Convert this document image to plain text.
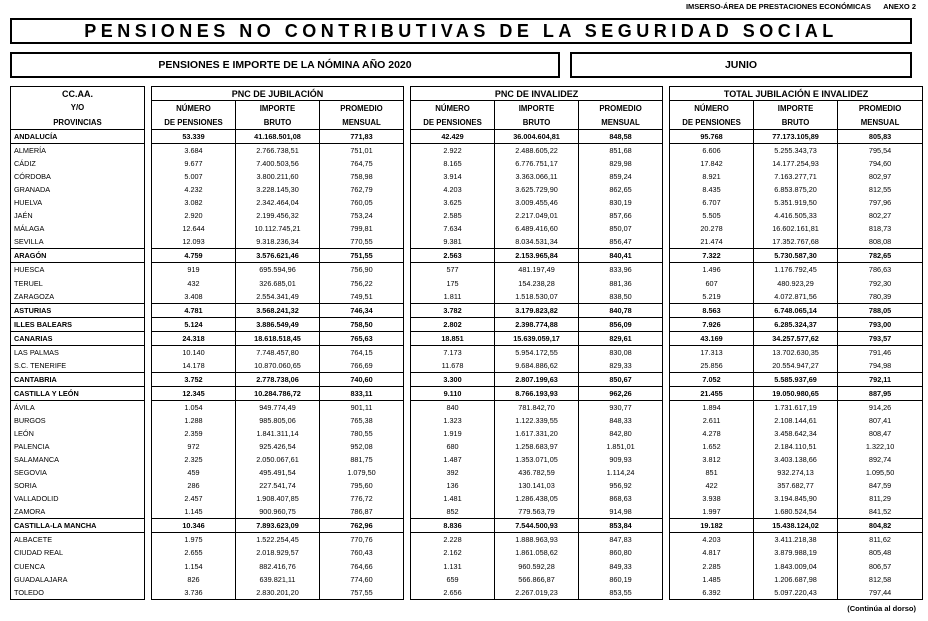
IMSERSO-ÁREA DE PRESTACIONES ECONÓMICAS ANEXO 2
PENSIONES NO CONTRIBUTIVAS DE LA SEGURIDAD SOCIAL
PENSIONES E IMPORTE DE LA NÓMINA AÑO 2020	JUNIO
CC.AA.		PNC DE JUBILACIÓN				PNC DE INVALIDEZ				TOTAL JUBILACIÓN E INVALIDEZ		
Y/O		NÚMERO	IMPORTE	PROMEDIO		NÚMERO	IMPORTE	PROMEDIO		NÚMERO	IMPORTE	PROMEDIO
PROVINCIAS		DE PENSIONES	BRUTO	MENSUAL		DE PENSIONES	BRUTO	MENSUAL		DE PENSIONES	BRUTO	MENSUAL
ANDALUCÍA		53.339	41.168.501,08	771,83		42.429	36.004.604,81	848,58		95.768	77.173.105,89	805,83
ALMERÍA		3.684	2.766.738,51	751,01		2.922	2.488.605,22	851,68		6.606	5.255.343,73	795,54
CÁDIZ		9.677	7.400.503,56	764,75		8.165	6.776.751,17	829,98		17.842	14.177.254,93	794,60
CÓRDOBA		5.007	3.800.211,60	758,98		3.914	3.363.066,11	859,24		8.921	7.163.277,71	802,97
GRANADA		4.232	3.228.145,30	762,79		4.203	3.625.729,90	862,65		8.435	6.853.875,20	812,55
HUELVA		3.082	2.342.464,04	760,05		3.625	3.009.455,46	830,19		6.707	5.351.919,50	797,96
JAÉN		2.920	2.199.456,32	753,24		2.585	2.217.049,01	857,66		5.505	4.416.505,33	802,27
MÁLAGA		12.644	10.112.745,21	799,81		7.634	6.489.416,60	850,07		20.278	16.602.161,81	818,73
SEVILLA		12.093	9.318.236,34	770,55		9.381	8.034.531,34	856,47		21.474	17.352.767,68	808,08
ARAGÓN		4.759	3.576.621,46	751,55		2.563	2.153.965,84	840,41		7.322	5.730.587,30	782,65
HUESCA		919	695.594,96	756,90		577	481.197,49	833,96		1.496	1.176.792,45	786,63
TERUEL		432	326.685,01	756,22		175	154.238,28	881,36		607	480.923,29	792,30
ZARAGOZA		3.408	2.554.341,49	749,51		1.811	1.518.530,07	838,50		5.219	4.072.871,56	780,39
ASTURIAS		4.781	3.568.241,32	746,34		3.782	3.179.823,82	840,78		8.563	6.748.065,14	788,05
ILLES BALEARS		5.124	3.886.549,49	758,50		2.802	2.398.774,88	856,09		7.926	6.285.324,37	793,00
CANARIAS		24.318	18.618.518,45	765,63		18.851	15.639.059,17	829,61		43.169	34.257.577,62	793,57
LAS PALMAS		10.140	7.748.457,80	764,15		7.173	5.954.172,55	830,08		17.313	13.702.630,35	791,46
S.C. TENERIFE		14.178	10.870.060,65	766,69		11.678	9.684.886,62	829,33		25.856	20.554.947,27	794,98
CANTABRIA		3.752	2.778.738,06	740,60		3.300	2.807.199,63	850,67		7.052	5.585.937,69	792,11
CASTILLA Y LEÓN		12.345	10.284.786,72	833,11		9.110	8.766.193,93	962,26		21.455	19.050.980,65	887,95
ÁVILA		1.054	949.774,49	901,11		840	781.842,70	930,77		1.894	1.731.617,19	914,26
BURGOS		1.288	985.805,06	765,38		1.323	1.122.339,55	848,33		2.611	2.108.144,61	807,41
LEÓN		2.359	1.841.311,14	780,55		1.919	1.617.331,20	842,80		4.278	3.458.642,34	808,47
PALENCIA		972	925.426,54	952,08		680	1.258.683,97	1.851,01		1.652	2.184.110,51	1.322,10
SALAMANCA		2.325	2.050.067,61	881,75		1.487	1.353.071,05	909,93		3.812	3.403.138,66	892,74
SEGOVIA		459	495.491,54	1.079,50		392	436.782,59	1.114,24		851	932.274,13	1.095,50
SORIA		286	227.541,74	795,60		136	130.141,03	956,92		422	357.682,77	847,59
VALLADOLID		2.457	1.908.407,85	776,72		1.481	1.286.438,05	868,63		3.938	3.194.845,90	811,29
ZAMORA		1.145	900.960,75	786,87		852	779.563,79	914,98		1.997	1.680.524,54	841,52
CASTILLA-LA MANCHA		10.346	7.893.623,09	762,96		8.836	7.544.500,93	853,84		19.182	15.438.124,02	804,82
ALBACETE		1.975	1.522.254,45	770,76		2.228	1.888.963,93	847,83		4.203	3.411.218,38	811,62
CIUDAD REAL		2.655	2.018.929,57	760,43		2.162	1.861.058,62	860,80		4.817	3.879.988,19	805,48
CUENCA		1.154	882.416,76	764,66		1.131	960.592,28	849,33		2.285	1.843.009,04	806,57
GUADALAJARA		826	639.821,11	774,60		659	566.866,87	860,19		1.485	1.206.687,98	812,58
TOLEDO		3.736	2.830.201,20	757,55		2.656	2.267.019,23	853,55		6.392	5.097.220,43	797,44
(Continúa al dorso)
